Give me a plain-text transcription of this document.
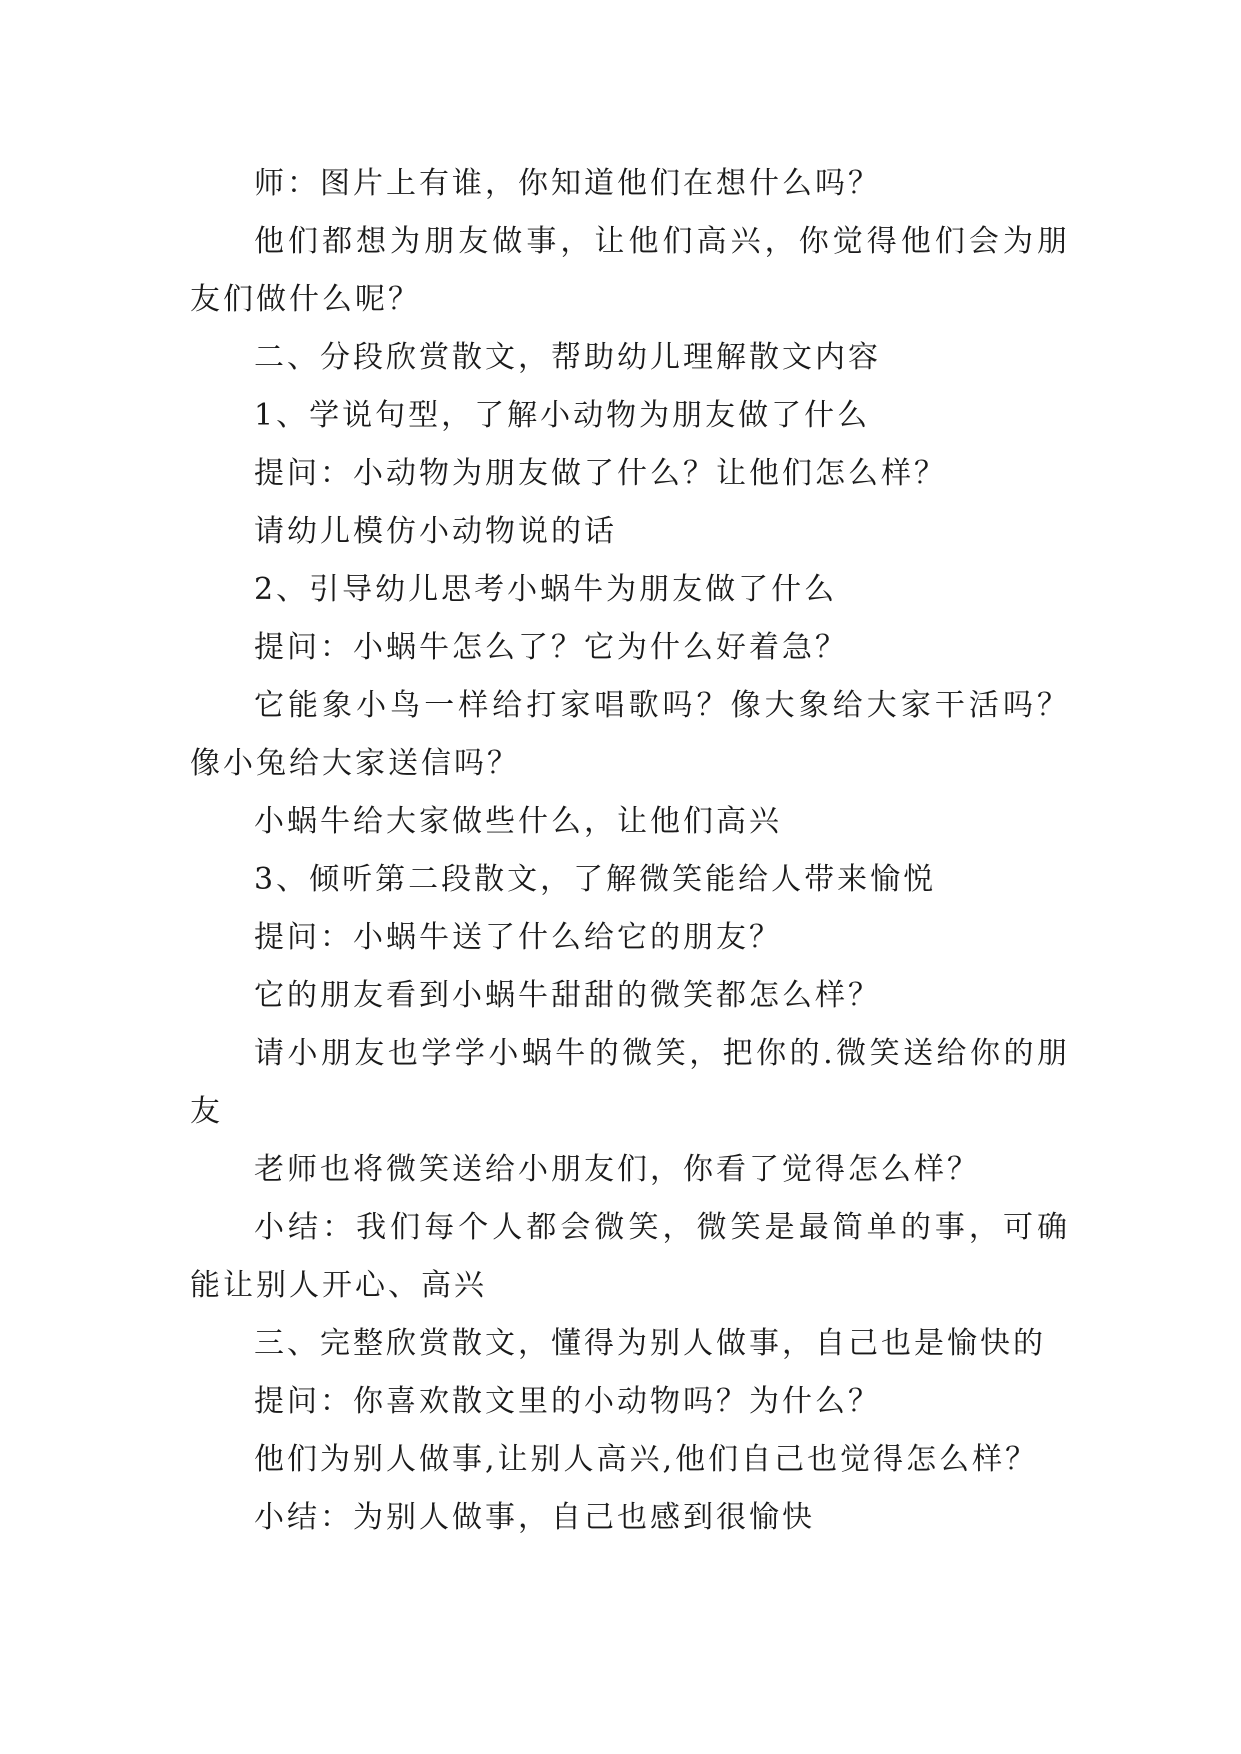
师：图片上有谁，你知道他们在想什么吗？

他们都想为朋友做事，让他们高兴，你觉得他们会为朋友们做什么呢？

二、分段欣赏散文，帮助幼儿理解散文内容

1、学说句型，了解小动物为朋友做了什么

提问：小动物为朋友做了什么？让他们怎么样？

请幼儿模仿小动物说的话

2、引导幼儿思考小蜗牛为朋友做了什么

提问：小蜗牛怎么了？它为什么好着急？

它能象小鸟一样给打家唱歌吗？像大象给大家干活吗？像小兔给大家送信吗？

小蜗牛给大家做些什么，让他们高兴

3、倾听第二段散文，了解微笑能给人带来愉悦

提问：小蜗牛送了什么给它的朋友？

它的朋友看到小蜗牛甜甜的微笑都怎么样？

请小朋友也学学小蜗牛的微笑，把你的.微笑送给你的朋友

老师也将微笑送给小朋友们，你看了觉得怎么样？

小结：我们每个人都会微笑，微笑是最简单的事，可确能让别人开心、高兴

三、完整欣赏散文，懂得为别人做事，自己也是愉快的

提问：你喜欢散文里的小动物吗？为什么？

他们为别人做事,让别人高兴,他们自己也觉得怎么样？

小结：为别人做事，自己也感到很愉快
